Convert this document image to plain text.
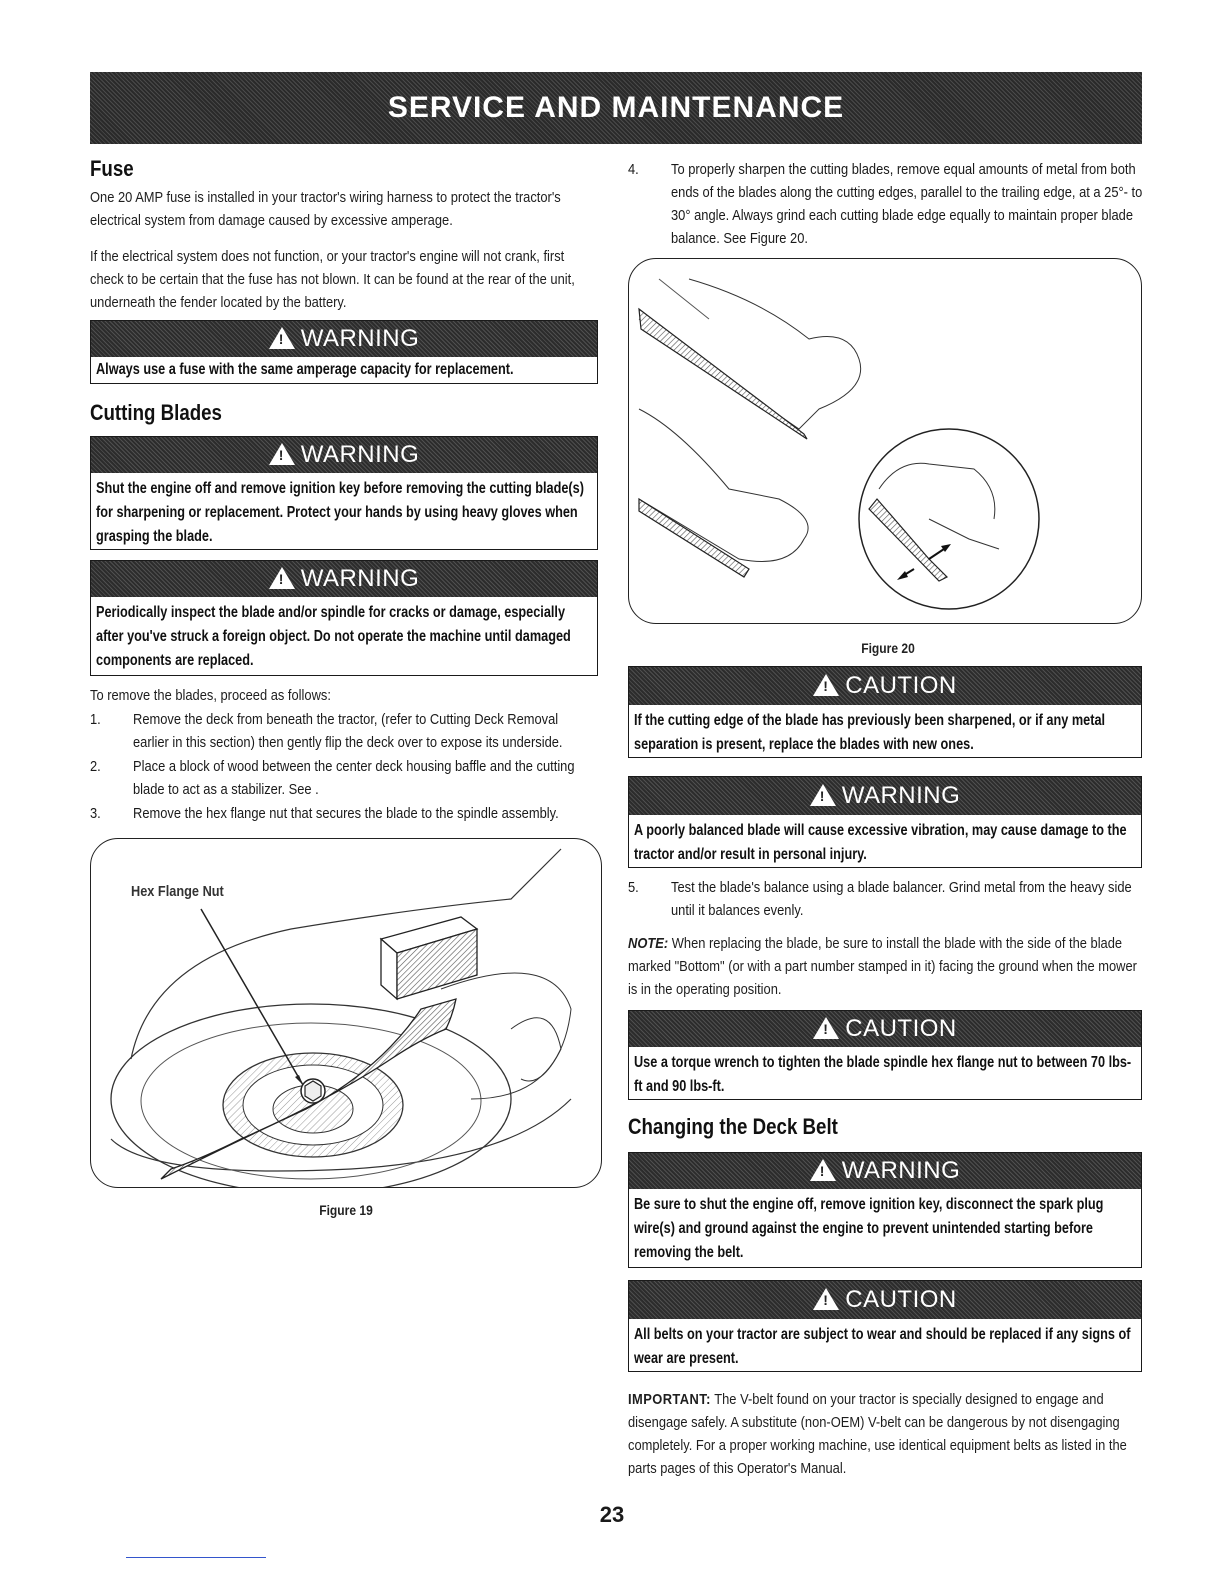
SERVICE AND MAINTENANCE
Fuse
One 20 AMP fuse is installed in your tractor's wiring harness to protect the tractor's electrical system from damage caused by excessive amperage.
If the electrical system does not function, or your tractor's engine will not crank, first check to be certain that the fuse has not blown. It can be found at the rear of the unit, underneath the fender located by the battery.
!
WARNING
Always use a fuse with the same amperage capacity for replacement.
Cutting Blades
!
WARNING
Shut the engine off and remove ignition key before removing the cutting blade(s) for sharpening or replacement. Protect your hands by using heavy gloves when grasping the blade.
!
WARNING
Periodically inspect the blade and/or spindle for cracks or damage, especially after you've struck a foreign object. Do not operate the machine until damaged components are replaced.
To remove the blades, proceed as follows:
1. Remove the deck from beneath the tractor, (refer to Cutting Deck Removal earlier in this section) then gently flip the deck over to expose its underside.
2. Place a block of wood between the center deck housing baffle and the cutting blade to act as a stabilizer. See .
3. Remove the hex flange nut that secures the blade to the spindle assembly.
Hex Flange Nut
Figure 19
4. To properly sharpen the cutting blades, remove equal amounts of metal from both ends of the blades along the cutting edges, parallel to the trailing edge, at a 25°- to 30° angle. Always grind each cutting blade edge equally to maintain proper blade balance. See Figure 20.
Figure 20
!
CAUTION
If the cutting edge of the blade has previously been sharpened, or if any metal separation is present, replace the blades with new ones.
!
WARNING
A poorly balanced blade will cause excessive vibration, may cause damage to the tractor and/or result in personal injury.
5. Test the blade's balance using a blade balancer. Grind metal from the heavy side until it balances evenly.
NOTE: When replacing the blade, be sure to install the blade with the side of the blade marked "Bottom" (or with a part number stamped in it) facing the ground when the mower is in the operating position.
!
CAUTION
Use a torque wrench to tighten the blade spindle hex flange nut to between 70 lbs-ft and 90 lbs-ft.
Changing the Deck Belt
!
WARNING
Be sure to shut the engine off, remove ignition key, disconnect the spark plug wire(s) and ground against the engine to prevent unintended starting before removing the belt.
!
CAUTION
All belts on your tractor are subject to wear and should be replaced if any signs of wear are present.
IMPORTANT: The V-belt found on your tractor is specially designed to engage and disengage safely. A substitute (non-OEM) V-belt can be dangerous by not disengaging completely. For a proper working machine, use identical equipment belts as listed in the parts pages of this Operator's Manual.
23
